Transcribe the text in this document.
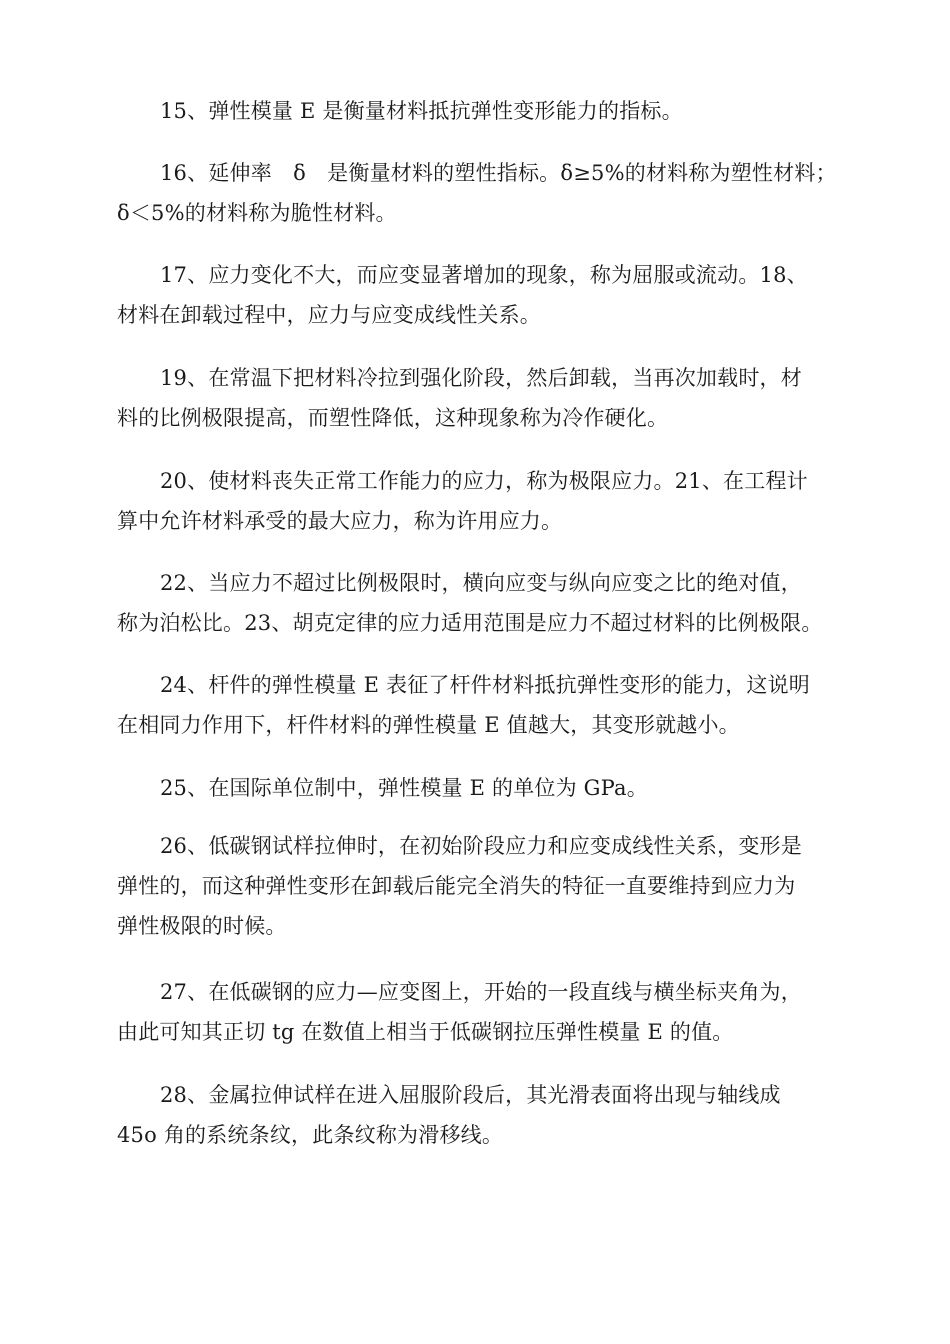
15、弹性模量 E 是衡量材料抵抗弹性变形能力的指标。

16、延伸率　δ　是衡量材料的塑性指标。δ≥5%的材料称为塑性材料；
δ＜5%的材料称为脆性材料。

17、应力变化不大，而应变显著增加的现象，称为屈服或流动。18、
材料在卸载过程中，应力与应变成线性关系。

19、在常温下把材料冷拉到强化阶段，然后卸载，当再次加载时，材
料的比例极限提高，而塑性降低，这种现象称为冷作硬化。

20、使材料丧失正常工作能力的应力，称为极限应力。21、在工程计
算中允许材料承受的最大应力，称为许用应力。

22、当应力不超过比例极限时，横向应变与纵向应变之比的绝对值，
称为泊松比。23、胡克定律的应力适用范围是应力不超过材料的比例极限。

24、杆件的弹性模量 E 表征了杆件材料抵抗弹性变形的能力，这说明
在相同力作用下，杆件材料的弹性模量 E 值越大，其变形就越小。

25、在国际单位制中，弹性模量 E 的单位为 GPa。

26、低碳钢试样拉伸时，在初始阶段应力和应变成线性关系，变形是
弹性的，而这种弹性变形在卸载后能完全消失的特征一直要维持到应力为
弹性极限的时候。

27、在低碳钢的应力—应变图上，开始的一段直线与横坐标夹角为，
由此可知其正切 tg 在数值上相当于低碳钢拉压弹性模量 E 的值。

28、金属拉伸试样在进入屈服阶段后，其光滑表面将出现与轴线成
45o 角的系统条纹，此条纹称为滑移线。
